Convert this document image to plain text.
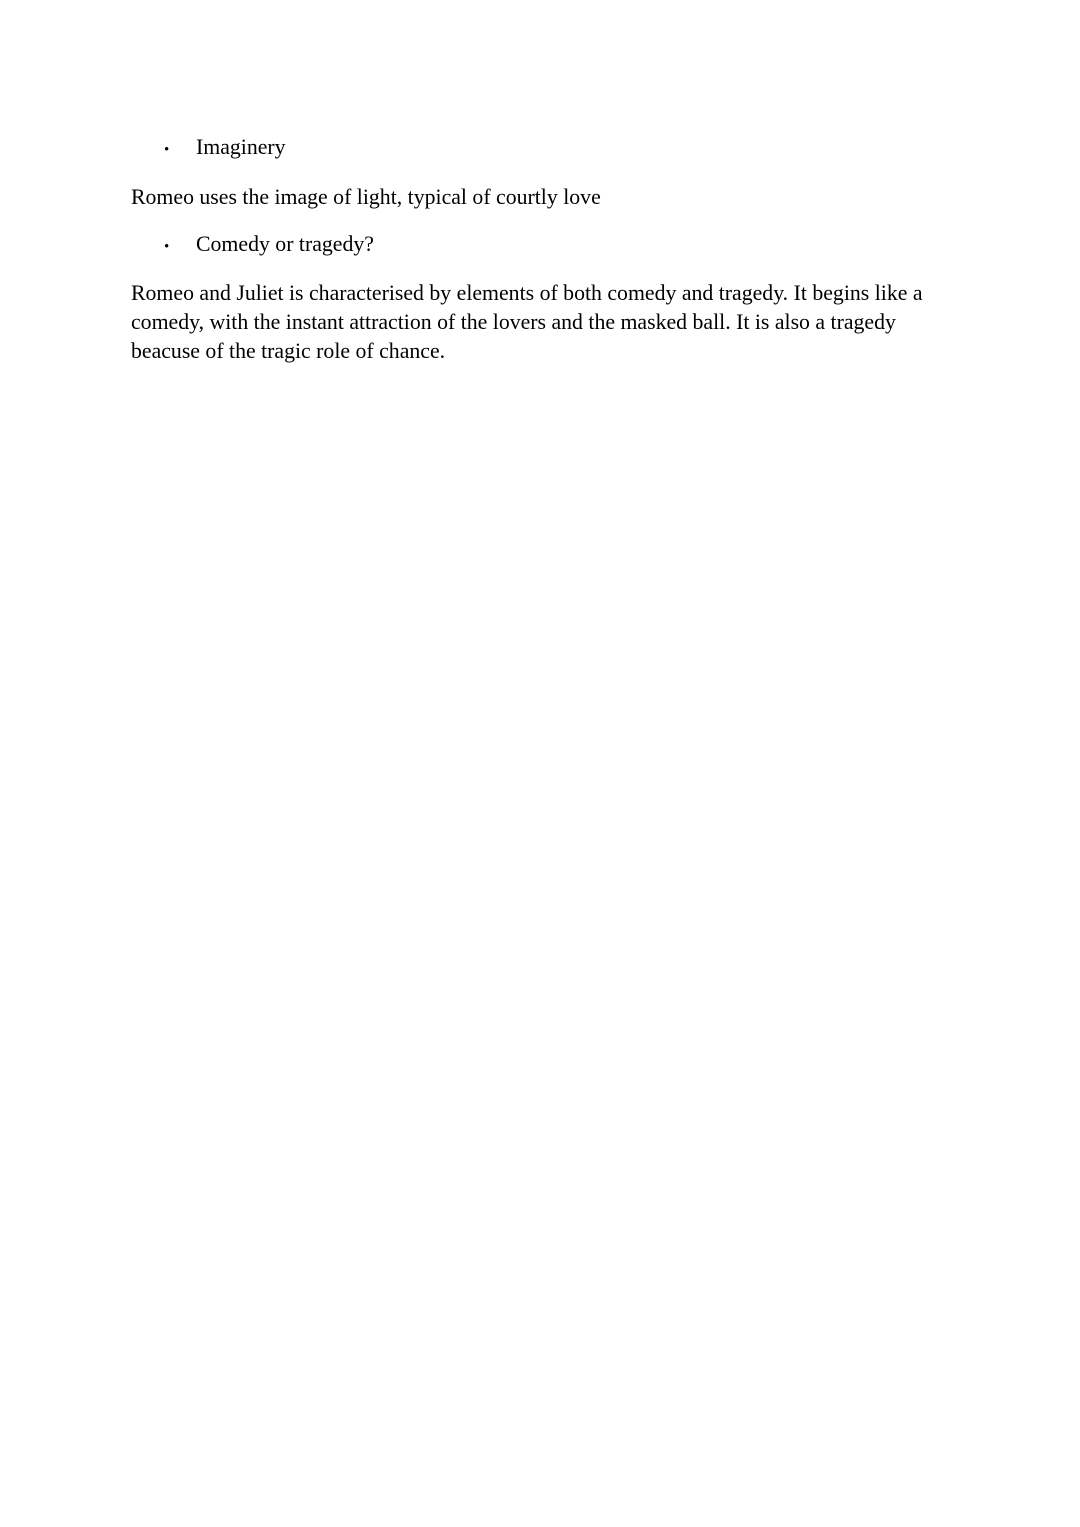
•	Imaginery

Romeo uses the image of light, typical of courtly love

•	Comedy or tragedy?

Romeo and Juliet is characterised by elements of both comedy and tragedy. It begins like a comedy, with the instant attraction of the lovers and the masked ball. It is also a tragedy beacuse of the tragic role of chance.
